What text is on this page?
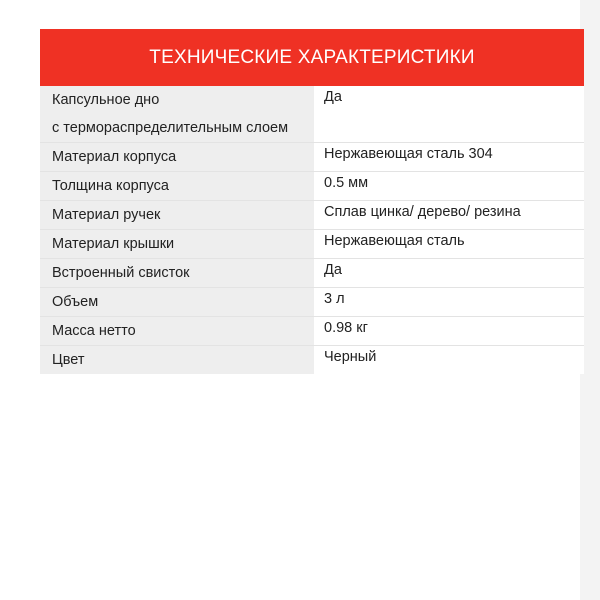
ТЕХНИЧЕСКИЕ ХАРАКТЕРИСТИКИ
Капсульное дно
с терморaспределительным слоем	Да

Материал корпуса	Нержавеющая сталь 304

Толщина корпуса	0.5 мм

Материал ручек	Сплав цинка/ дерево/ резина

Материал крышки	Нержавеющая сталь

Встроенный свисток	Да

Объем	3 л

Масса нетто	0.98 кг

Цвет	Черный
